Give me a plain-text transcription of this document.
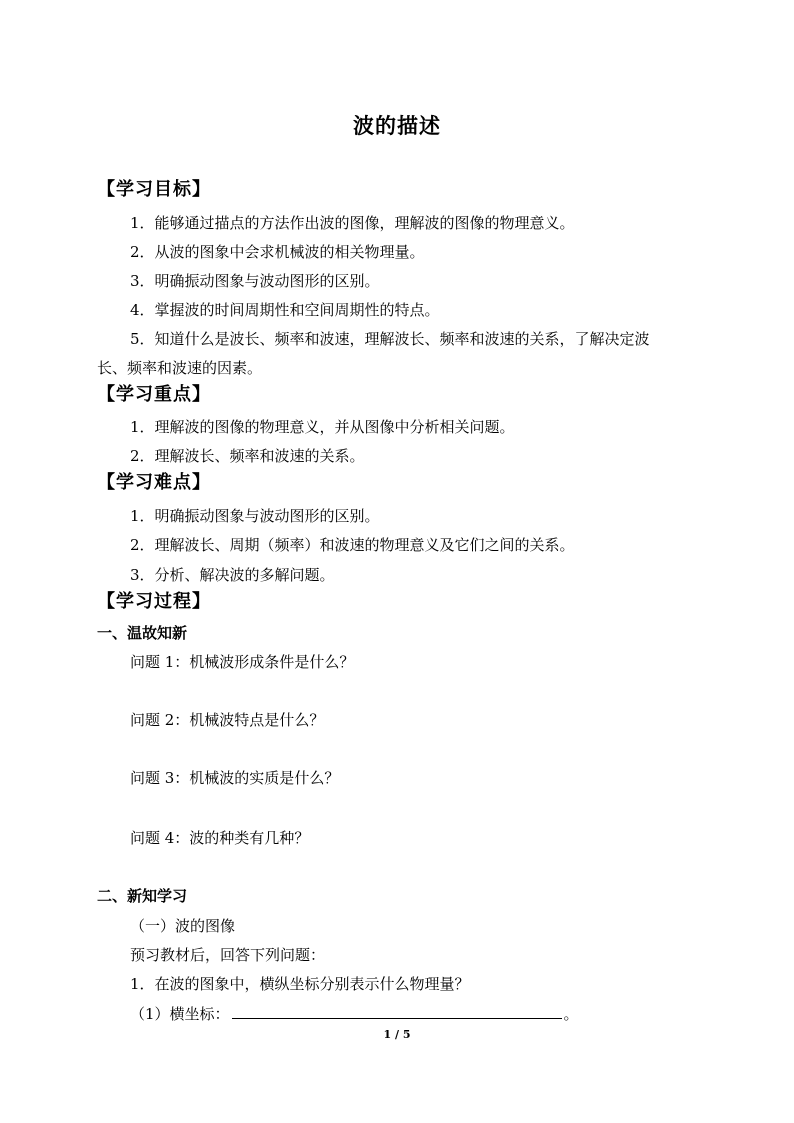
波的描述
【学习目标】
1．能够通过描点的方法作出波的图像，理解波的图像的物理意义。
2．从波的图象中会求机械波的相关物理量。
3．明确振动图象与波动图形的区别。
4．掌握波的时间周期性和空间周期性的特点。
5．知道什么是波长、频率和波速，理解波长、频率和波速的关系，了解决定波
长、频率和波速的因素。
【学习重点】
1．理解波的图像的物理意义，并从图像中分析相关问题。
2．理解波长、频率和波速的关系。
【学习难点】
1．明确振动图象与波动图形的区别。
2．理解波长、周期（频率）和波速的物理意义及它们之间的关系。
3．分析、解决波的多解问题。
【学习过程】
一、温故知新
问题 1：机械波形成条件是什么？
问题 2：机械波特点是什么？
问题 3：机械波的实质是什么？
问题 4：波的种类有几种？
二、新知学习
（一）波的图像
预习教材后，回答下列问题：
1．在波的图象中，横纵坐标分别表示什么物理量？
（1）横坐标：	。
1 / 5
